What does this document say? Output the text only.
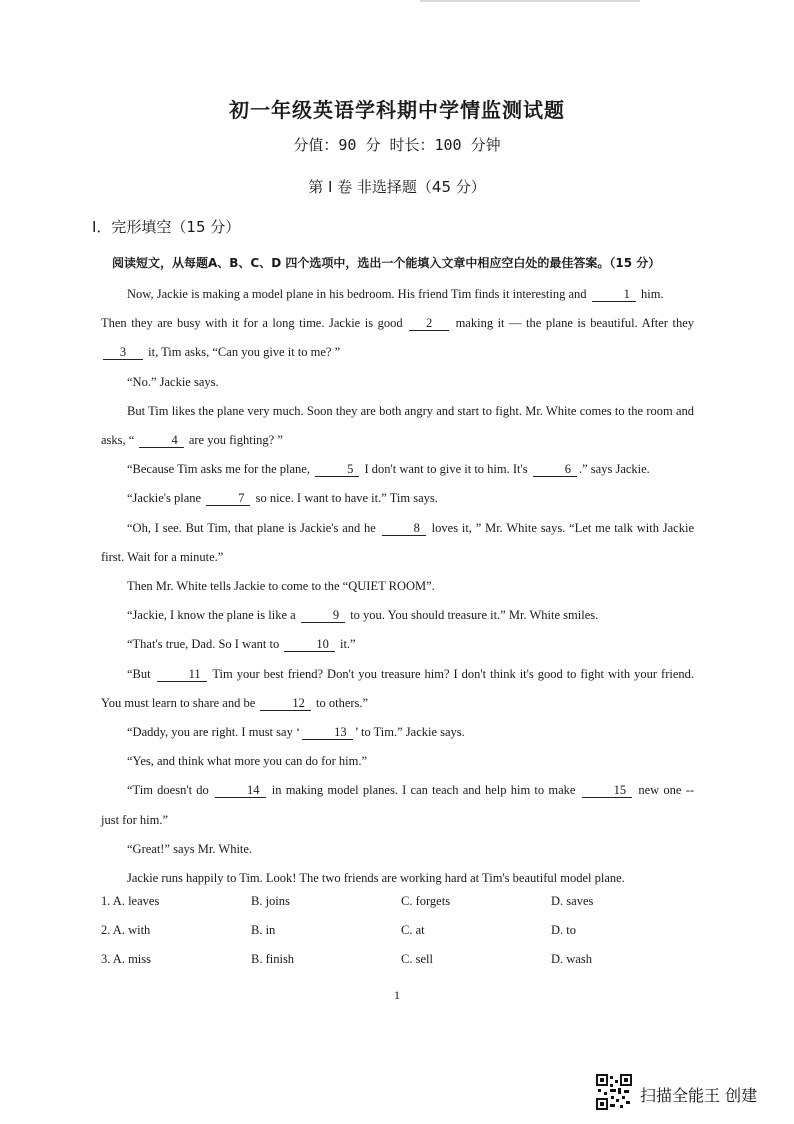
初一年级英语学科期中学情监测试题
分值：90 分 时长：100 分钟
第 I 卷 非选择题（45 分）
I．完形填空（15 分）
阅读短文，从每题A、B、C、D 四个选项中，选出一个能填入文章中相应空白处的最佳答案。（15 分）

Now, Jackie is making a model plane in his bedroom. His friend Tim finds it interesting and	1 him.

Then they are busy with it for a long time. Jackie is good 2 making it — the plane is beautiful. After they 3 it, Tim asks, “Can you give it to me? ”

“No.” Jackie says.

But Tim likes the plane very much. Soon they are both angry and start to fight. Mr. White comes to the room and asks, “	4 are you fighting? ”

“Because Tim asks me for the plane,	5 I don't want to give it to him. It's	6 .” says Jackie.

“Jackie's plane	7 so nice. I want to have it.” Tim says.

“Oh, I see. But Tim, that plane is Jackie's and he	8 loves it, ” Mr. White says. “Let me talk with Jackie first. Wait for a minute.”

Then Mr. White tells Jackie to come to the “QUIET ROOM”.

“Jackie, I know the plane is like a	9 to you. You should treasure it.” Mr. White smiles.

“That's true, Dad. So I want to	10 it.”

“But	11 Tim your best friend? Don't you treasure him? I don't think it's good to fight with your friend. You must learn to share and be	12 to others.”

“Daddy, you are right. I must say ‘	13 ’ to Tim.” Jackie says.

“Yes, and think what more you can do for him.”

“Tim doesn't do	14 in making model planes. I can teach and help him to make	15 new one -- just for him.”

“Great!” says Mr. White.

Jackie runs happily to Tim. Look! The two friends are working hard at Tim's beautiful model plane.

1. A. leaves	B. joins	C. forgets	D. saves
2. A. with	B. in	C. at	D. to
3. A. miss	B. finish	C. sell	D. wash
1
扫描全能王 创建
